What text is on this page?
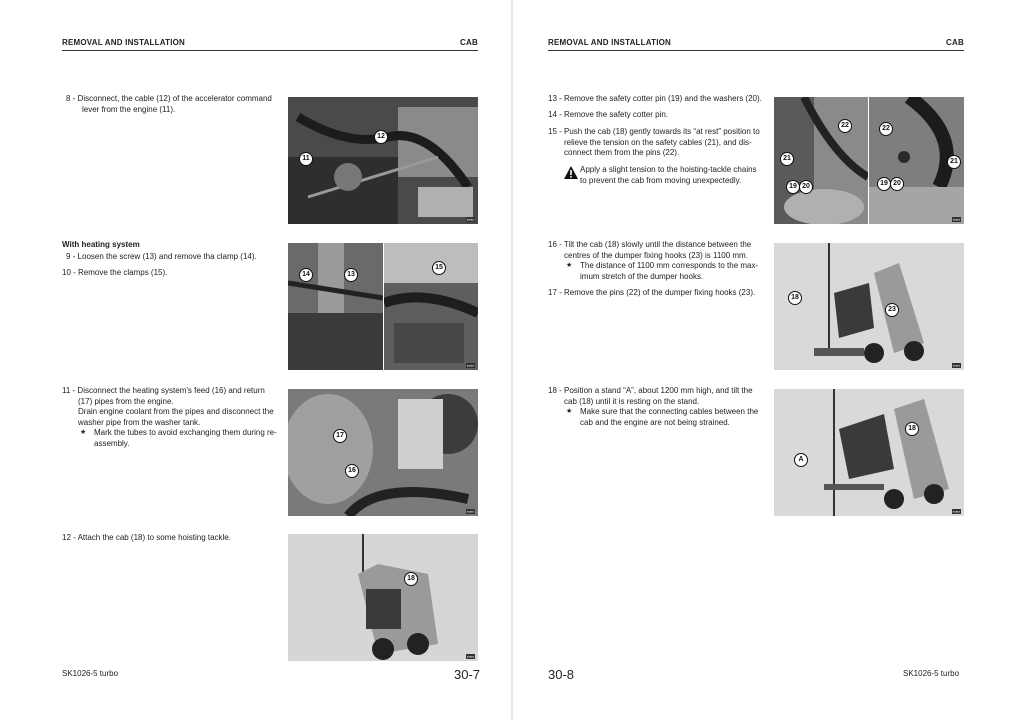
REMOVAL AND INSTALLATION	CAB
8 - Disconnect, the cable (12) of the accelerator command
lever from the engine (11).
11
12
▪▪▪▪▪
With heating system
9 - Loosen the screw (13) and remove tha clamp (14).
10 - Remove the clamps (15).	14	13
15
▪▪▪▪▪
11 - Disconnect the heating system's feed (16) and return
(17) pipes from the engine.
Drain engine coolant from the pipes and disconnect the
washer pipe from the washer tank.
★ Mark the tubes to avoid exchanging them during re-
assembly.
17
16
▪▪▪▪▪
12 - Attach the cab (18) to some hoisting tackle.
18
▪▪▪▪▪
SK1026-5 turbo	30-7
REMOVAL AND INSTALLATION	CAB
13 - Remove the safety cotter pin (19) and the washers (20).
14 - Remove the safety cotter pin.
15 - Push the cab (18) gently towards its “at rest” position to
relieve the tension on the safety cables (21), and dis-
connect them from the pins (22).
Apply a slight tension to the hoisting-tackle chains
to prevent the cab from moving unexpectedly.
22
21
19 20
22
21
19 20
▪▪▪▪▪
16 - Tilt the cab (18) slowly until the distance between the
centres of the dumper fixing hooks (23) is 1100 mm.
★ The distance of 1100 mm corresponds to the max-
imum stretch of the dumper hooks.
17 - Remove the pins (22) of the dumper fixing hooks (23).
18
23
▪▪▪▪▪
18 - Position a stand “A”, about 1200 mm high, and tilt the
cab (18) until it is resting on the stand.
★ Make sure that the connecting cables between the
cab and the engine are not being strained.
A
18
▪▪▪▪▪
30-8	SK1026-5 turbo
